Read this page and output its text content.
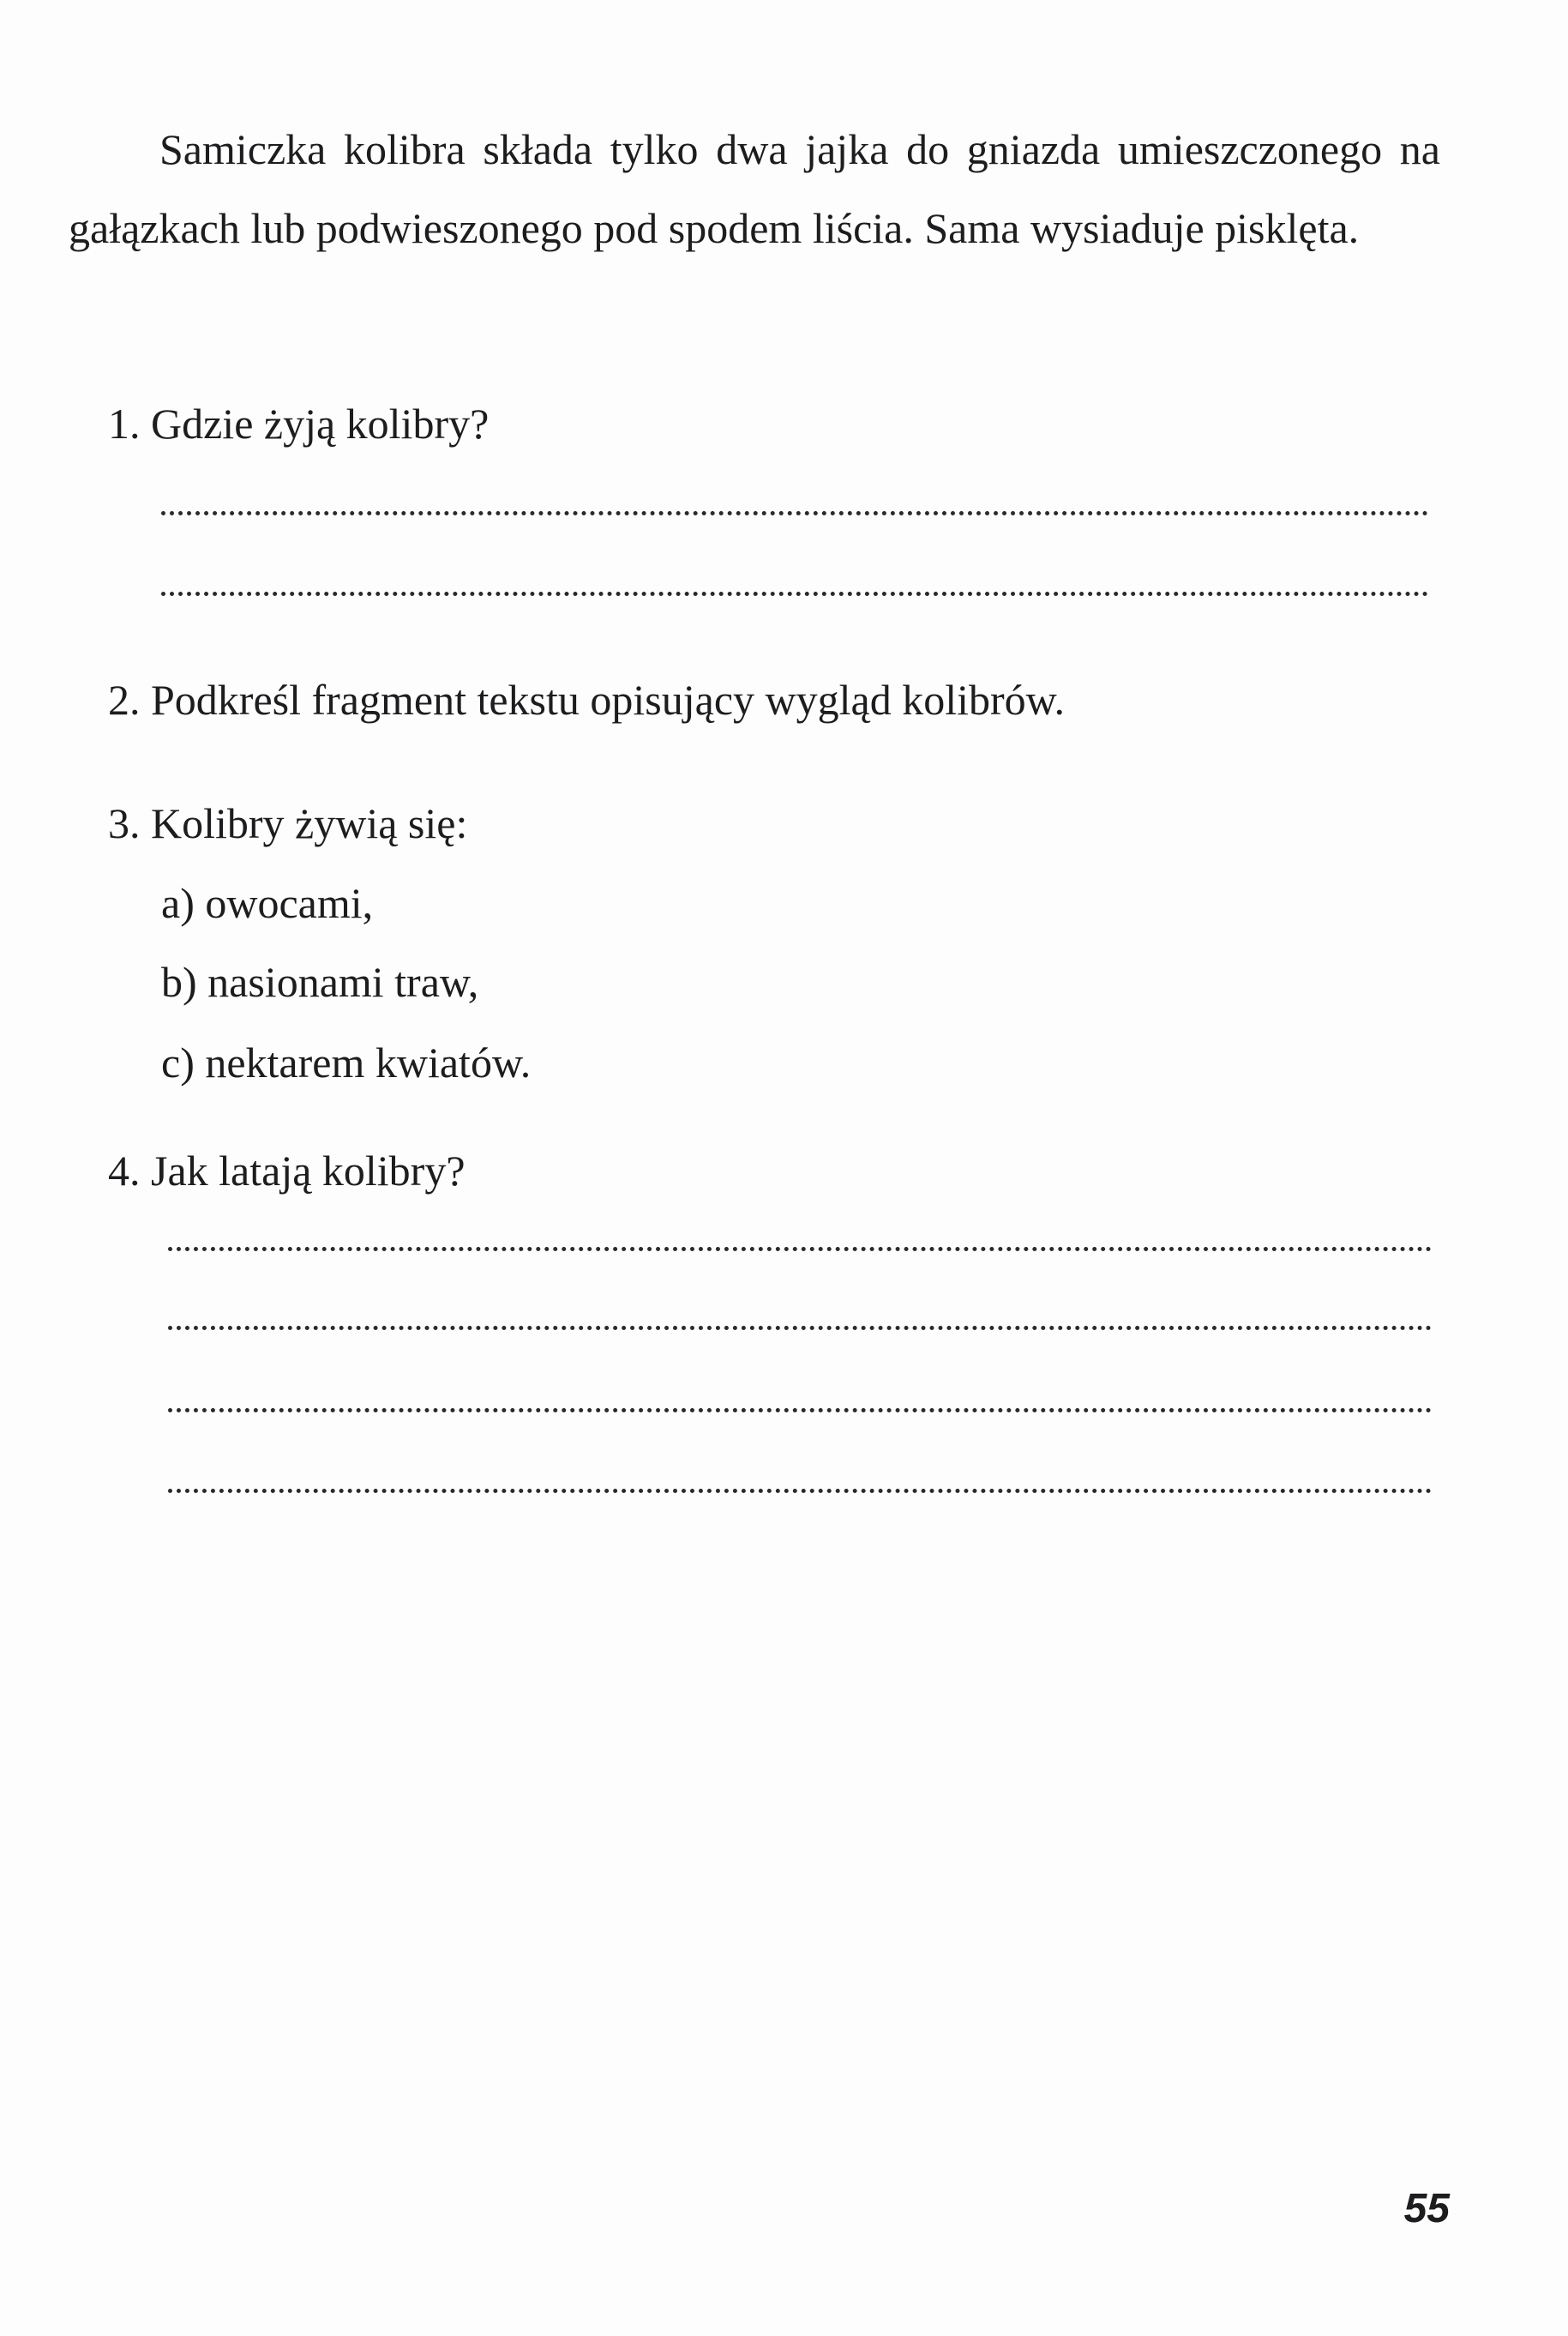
Samiczka kolibra składa tylko dwa jajka do gniazda umieszczonego na gałązkach lub podwieszonego pod spodem liścia. Sama wysiaduje pisklęta.

1. Gdzie żyją kolibry?
2. Podkreśl fragment tekstu opisujący wygląd kolibrów.
3. Kolibry żywią się:
a) owocami,
b) nasionami traw,
c) nektarem kwiatów.
4. Jak latają kolibry?
55
